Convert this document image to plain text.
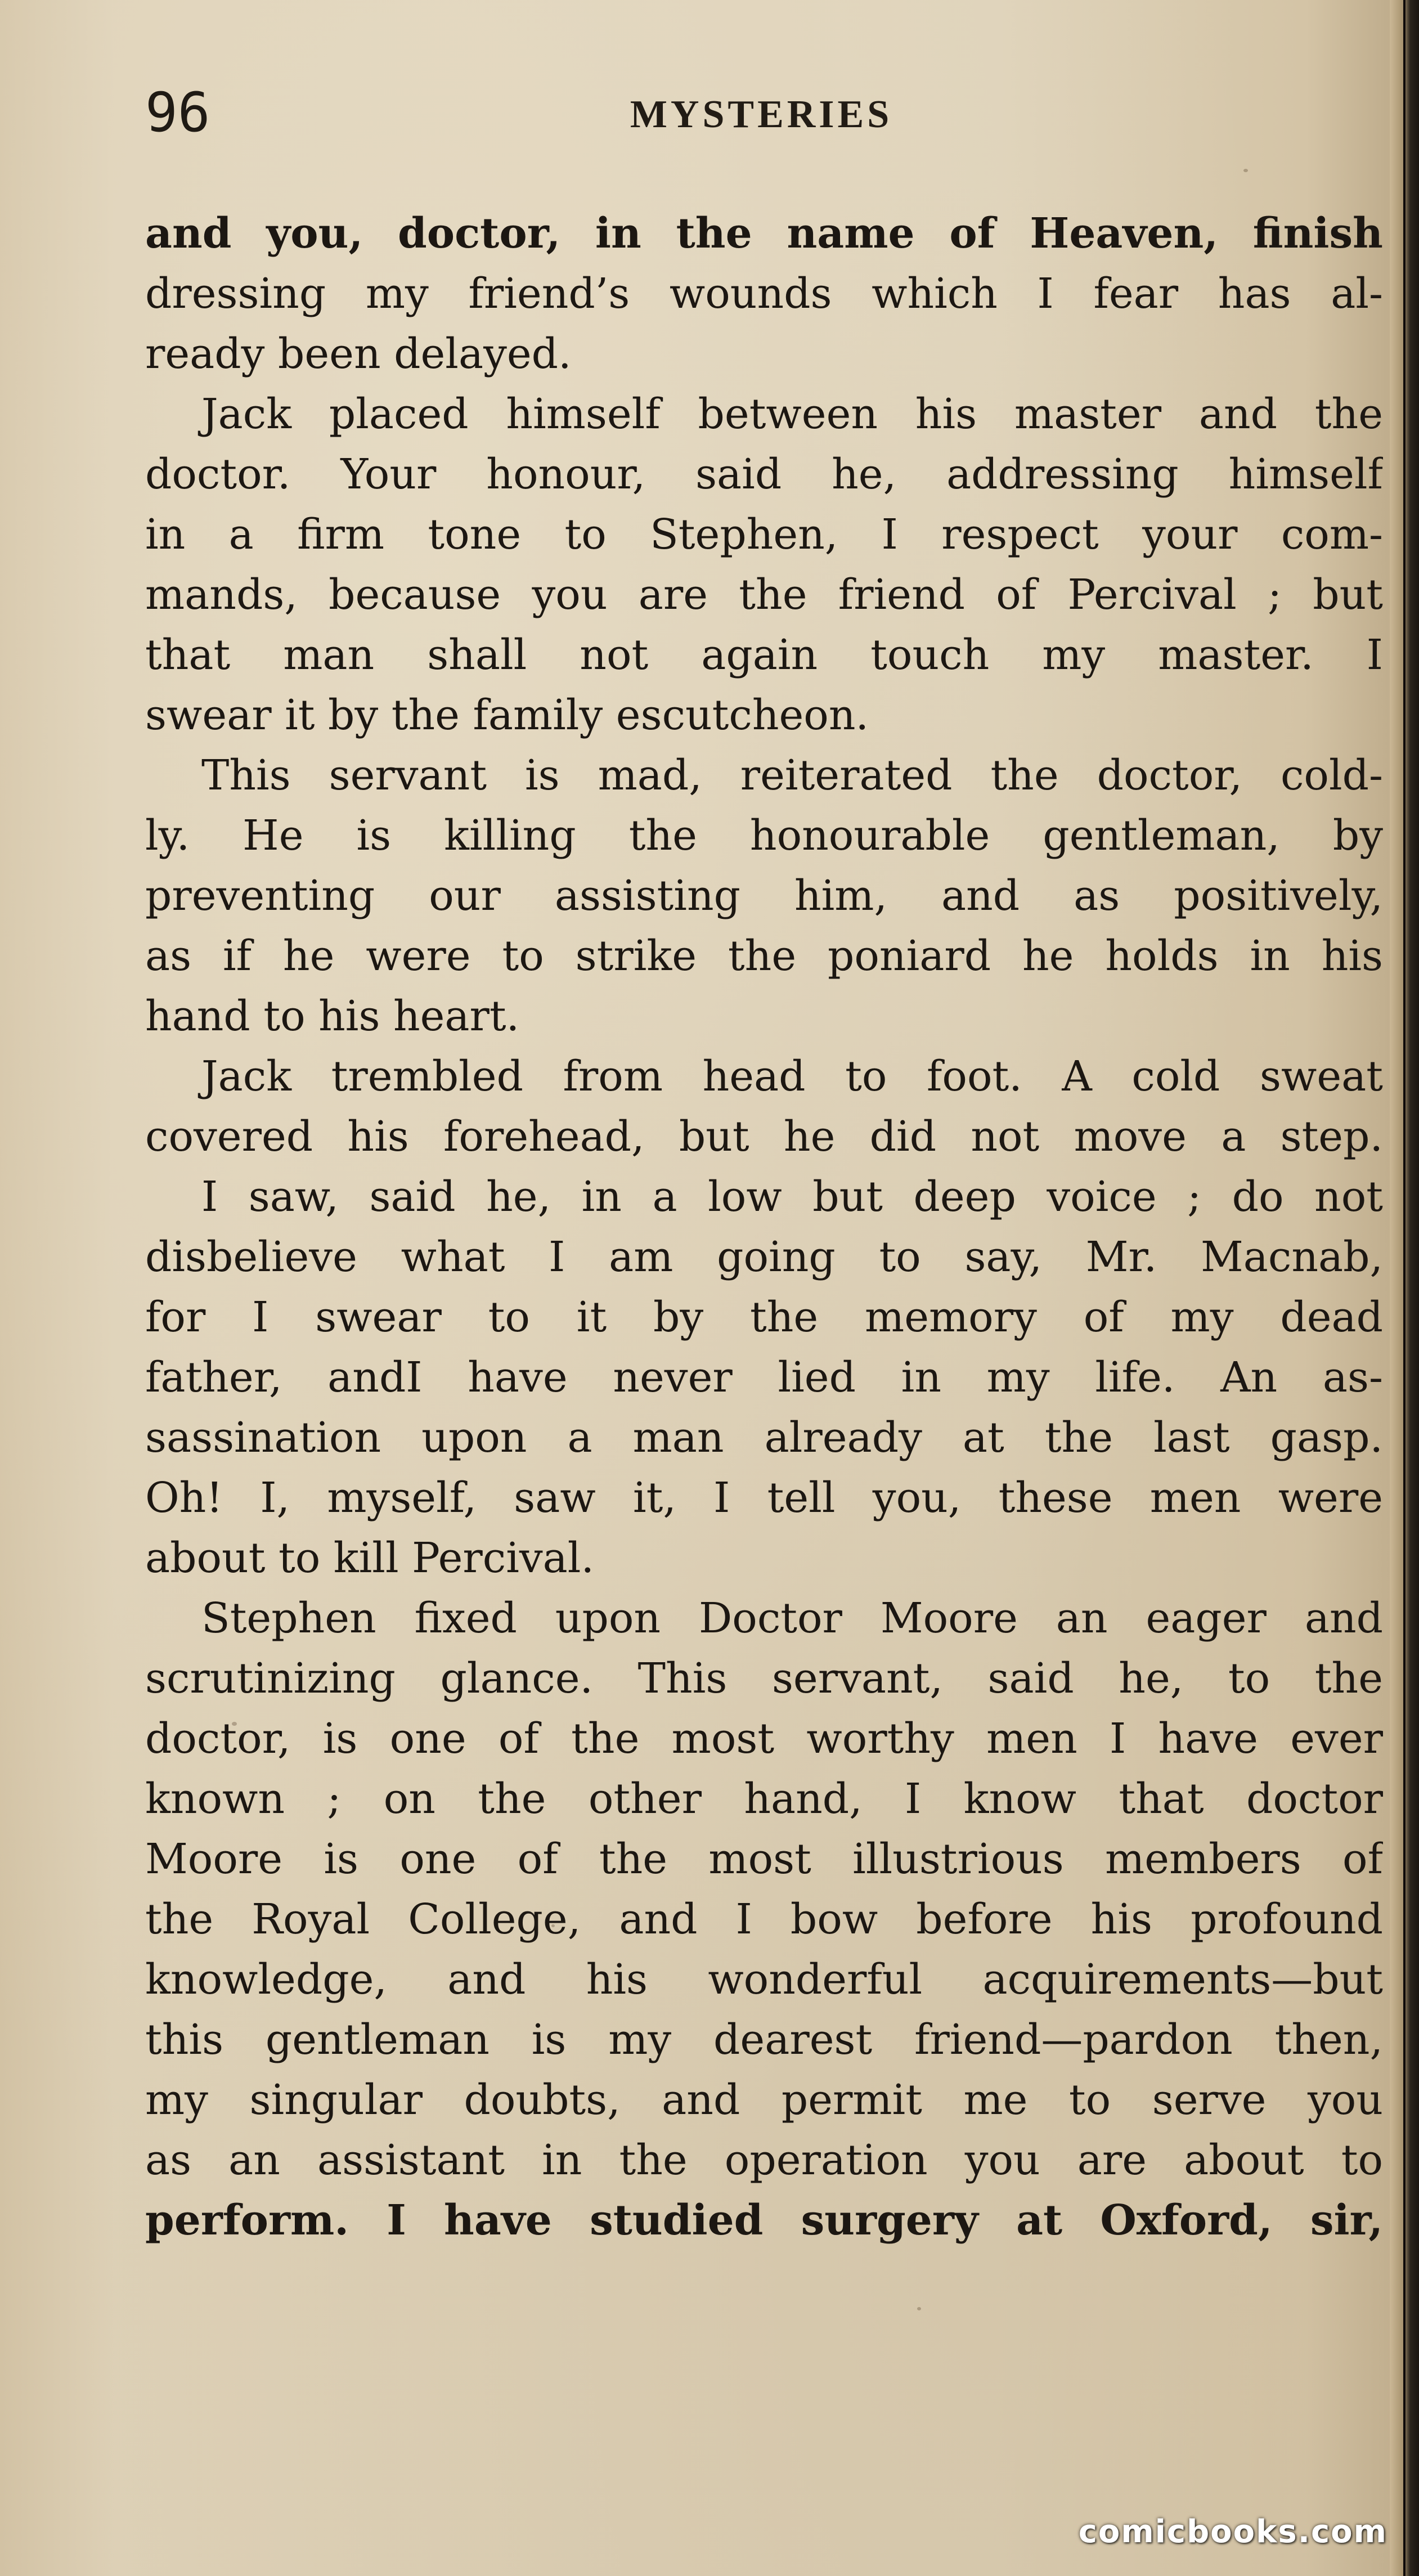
96	MYSTERIES
and you, doctor, in the name of Heaven, finish
dressing my friend’s wounds which I fear has al-
ready been delayed.
Jack placed himself between his master and the
doctor. Your honour, said he, addressing himself
in a firm tone to Stephen, I respect your com-
mands, because you are the friend of Percival ; but
that man shall not again touch my master. I
swear it by the family escutcheon.
This servant is mad, reiterated the doctor, cold-
ly. He is killing the honourable gentleman, by
preventing our assisting him, and as positively,
as if he were to strike the poniard he holds in his
hand to his heart.
Jack trembled from head to foot. A cold sweat
covered his forehead, but he did not move a step.
I saw, said he, in a low but deep voice ; do not
disbelieve what I am going to say, Mr. Macnab,
for I swear to it by the memory of my dead
father, andI have never lied in my life. An as-
sassination upon a man already at the last gasp.
Oh! I, myself, saw it, I tell you, these men were
about to kill Percival.
Stephen fixed upon Doctor Moore an eager and
scrutinizing glance. This servant, said he, to the
doctor, is one of the most worthy men I have ever
known ; on the other hand, I know that doctor
Moore is one of the most illustrious members of
the Royal College, and I bow before his profound
knowledge, and his wonderful acquirements—but
this gentleman is my dearest friend—pardon then,
my singular doubts, and permit me to serve you
as an assistant in the operation you are about to
perform. I have studied surgery at Oxford, sir,
comicbooks.com
